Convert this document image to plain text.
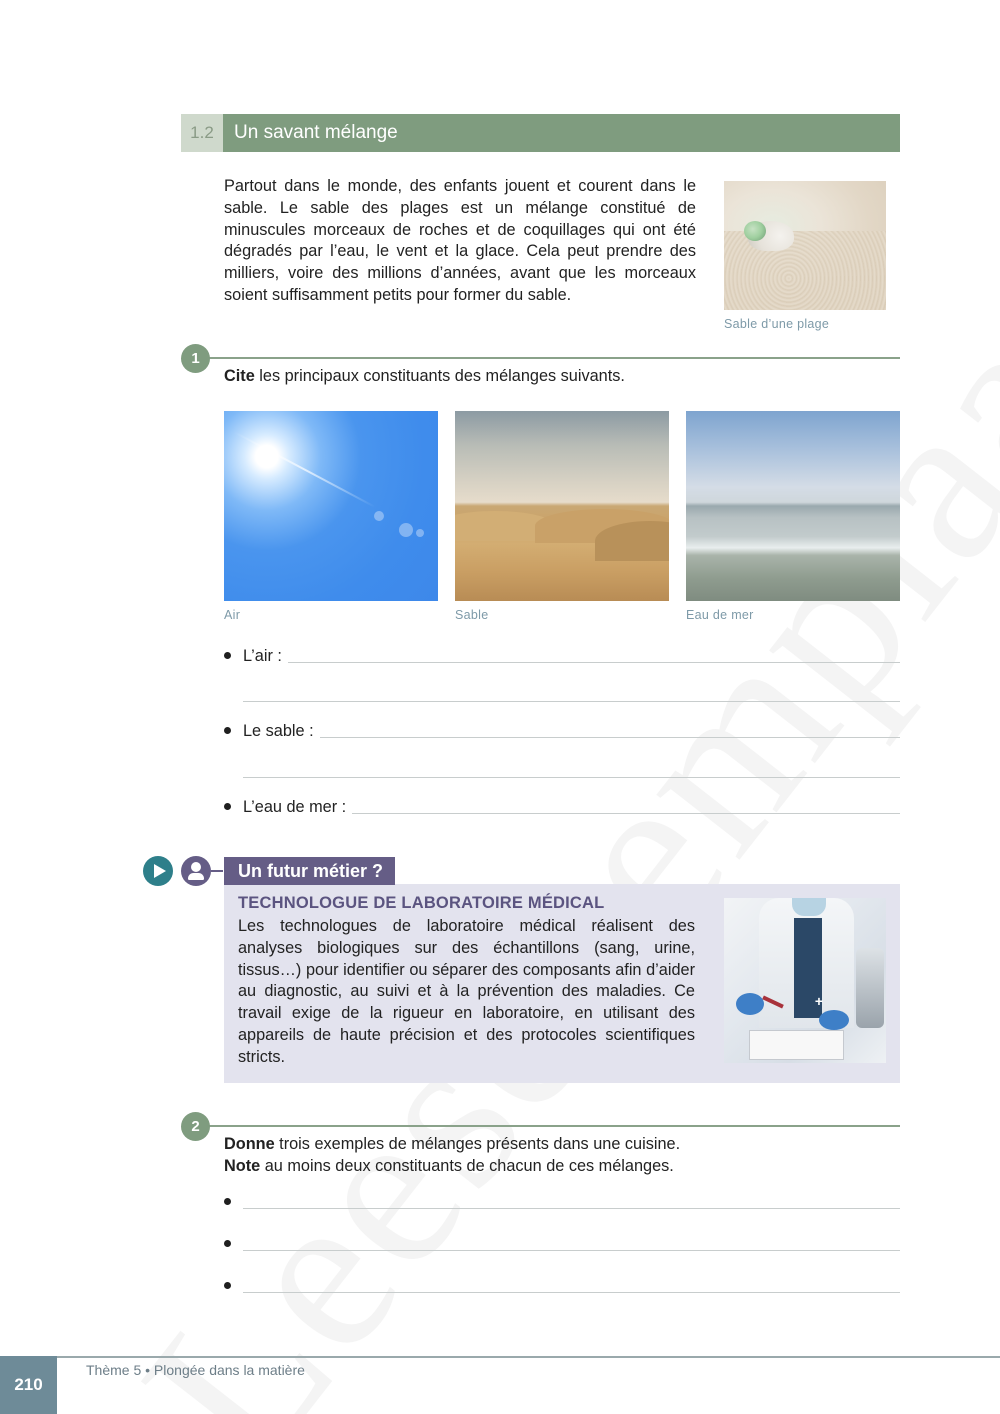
1.2	Un savant mélange

Partout dans le monde, des enfants jouent et courent dans le sable. Le sable des plages est un mélange constitué de minuscules morceaux de roches et de coquillages qui ont été dégradés par l’eau, le vent et la glace. Cela peut prendre des milliers, voire des millions d’années, avant que les morceaux soient suffisamment petits pour former du sable.

Sable d’une plage
1

Cite les principaux constituants des mélanges suivants.

Air	Sable	Eau de mer
L’air :
Le sable :
L’eau de mer :
Un futur métier ?
TECHNOLOGUE DE LABORATOIRE MÉDICAL

Les technologues de laboratoire médical réalisent des analyses biologiques sur des échantillons (sang, urine, tissus…) pour identifier ou séparer des composants afin d’aider au diagnostic, au suivi et à la prévention des maladies. Ce travail exige de la rigueur en laboratoire, en utilisant des appareils de haute précision et des protocoles scientifiques stricts.

+
2

Donne trois exemples de mélanges présents dans une cuisine.

Note au moins deux constituants de chacun de ces mélanges.

210
Thème 5 • Plongée dans la matière
